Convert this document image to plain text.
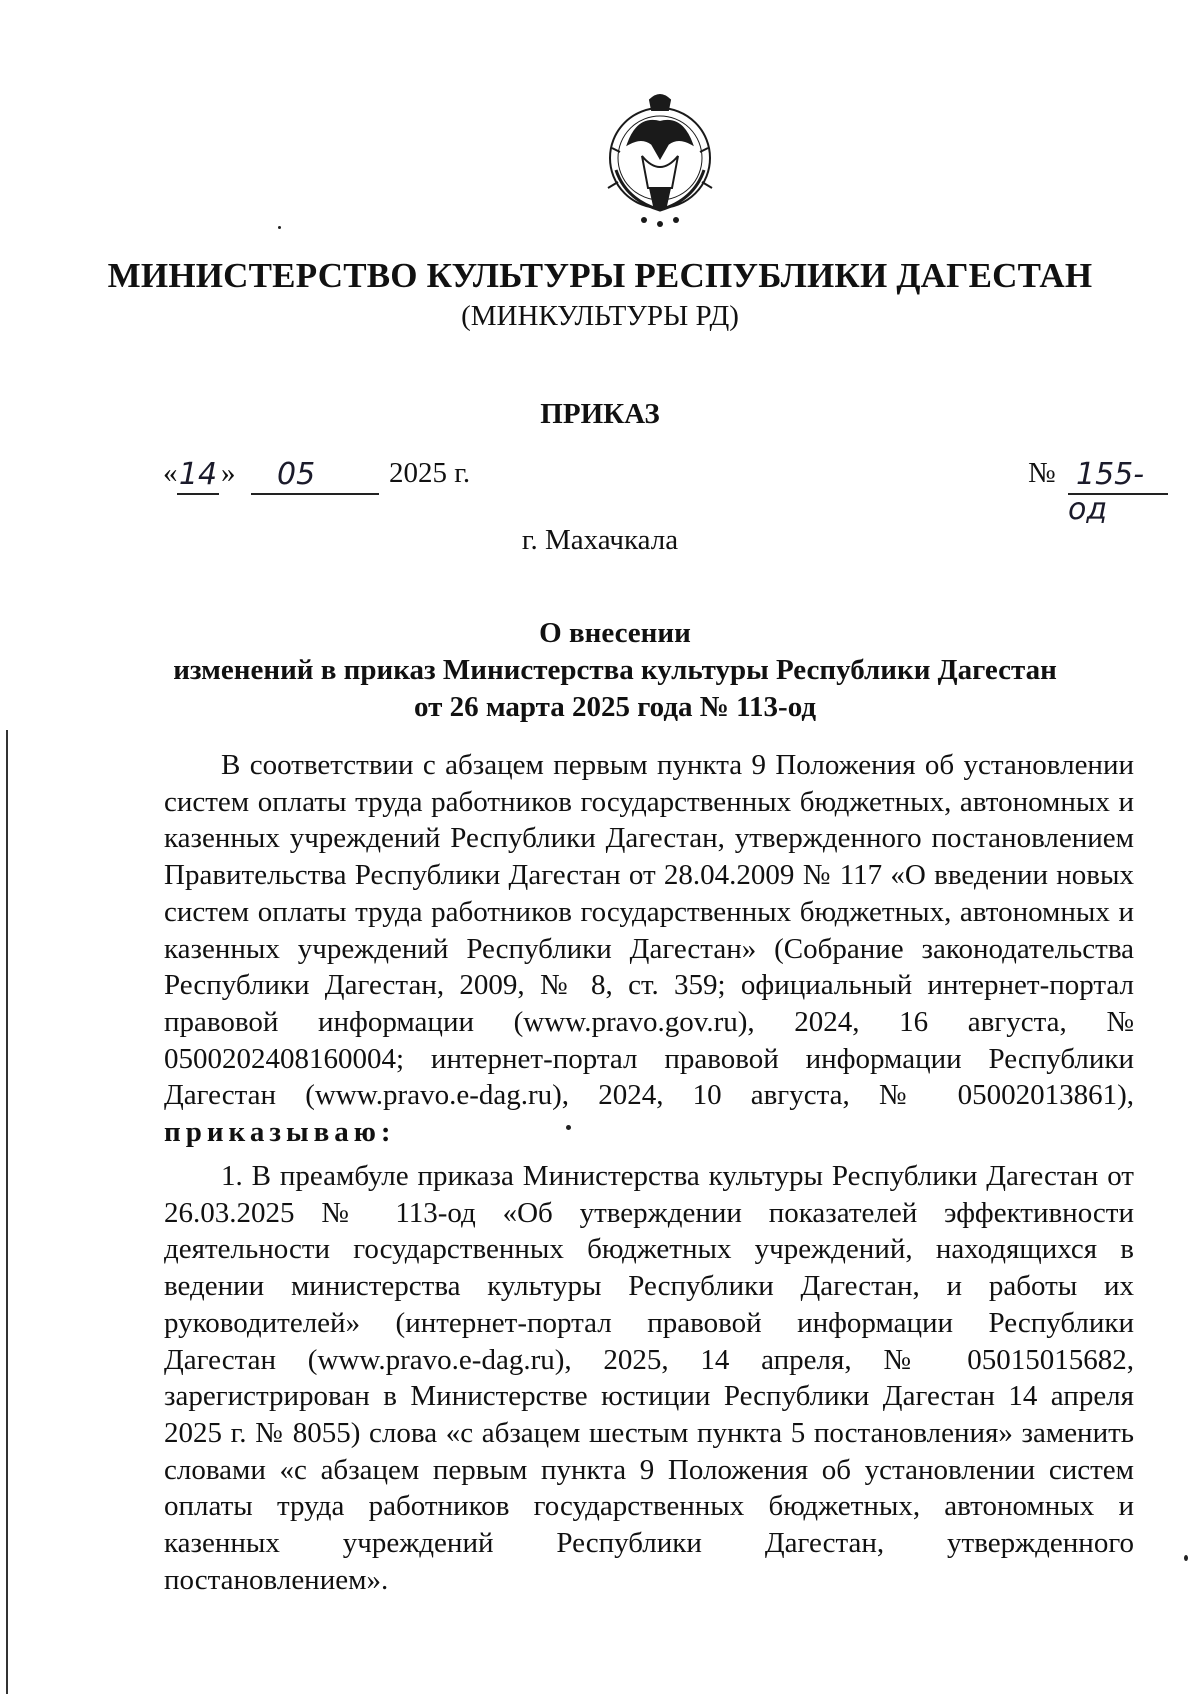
МИНИСТЕРСТВО КУЛЬТУРЫ РЕСПУБЛИКИ ДАГЕСТАН
(МИНКУЛЬТУРЫ РД)
ПРИКАЗ
« 14 »	05	2025 г.	№ 155-од
г. Махачкала
О внесении
изменений в приказ Министерства культуры Республики Дагестан
от 26 марта 2025 года № 113-од

В соответствии с абзацем первым пункта 9 Положения об установлении систем оплаты труда работников государственных бюджетных, автономных и казенных учреждений Республики Дагестан, утвержденного постановлением Правительства Республики Дагестан от 28.04.2009 № 117 «О введении новых систем оплаты труда работников государственных бюджетных, автономных и казенных учреждений Республики Дагестан» (Собрание законодательства Республики Дагестан, 2009, № 8, ст. 359; официальный интернет-портал правовой информации (www.pravo.gov.ru), 2024, 16 августа, № 0500202408160004; интернет-портал правовой информации Республики Дагестан (www.pravo.e-dag.ru), 2024, 10 августа, № 05002013861), приказываю:

1. В преамбуле приказа Министерства культуры Республики Дагестан от 26.03.2025 № 113-од «Об утверждении показателей эффективности деятельности государственных бюджетных учреждений, находящихся в ведении министерства культуры Республики Дагестан, и работы их руководителей» (интернет-портал правовой информации Республики Дагестан (www.pravo.e-dag.ru), 2025, 14 апреля, № 05015015682, зарегистрирован в Министерстве юстиции Республики Дагестан 14 апреля 2025 г. № 8055) слова «с абзацем шестым пункта 5 постановления» заменить словами «с абзацем первым пункта 9 Положения об установлении систем оплаты труда работников государственных бюджетных, автономных и казенных учреждений Республики Дагестан, утвержденного постановлением».
